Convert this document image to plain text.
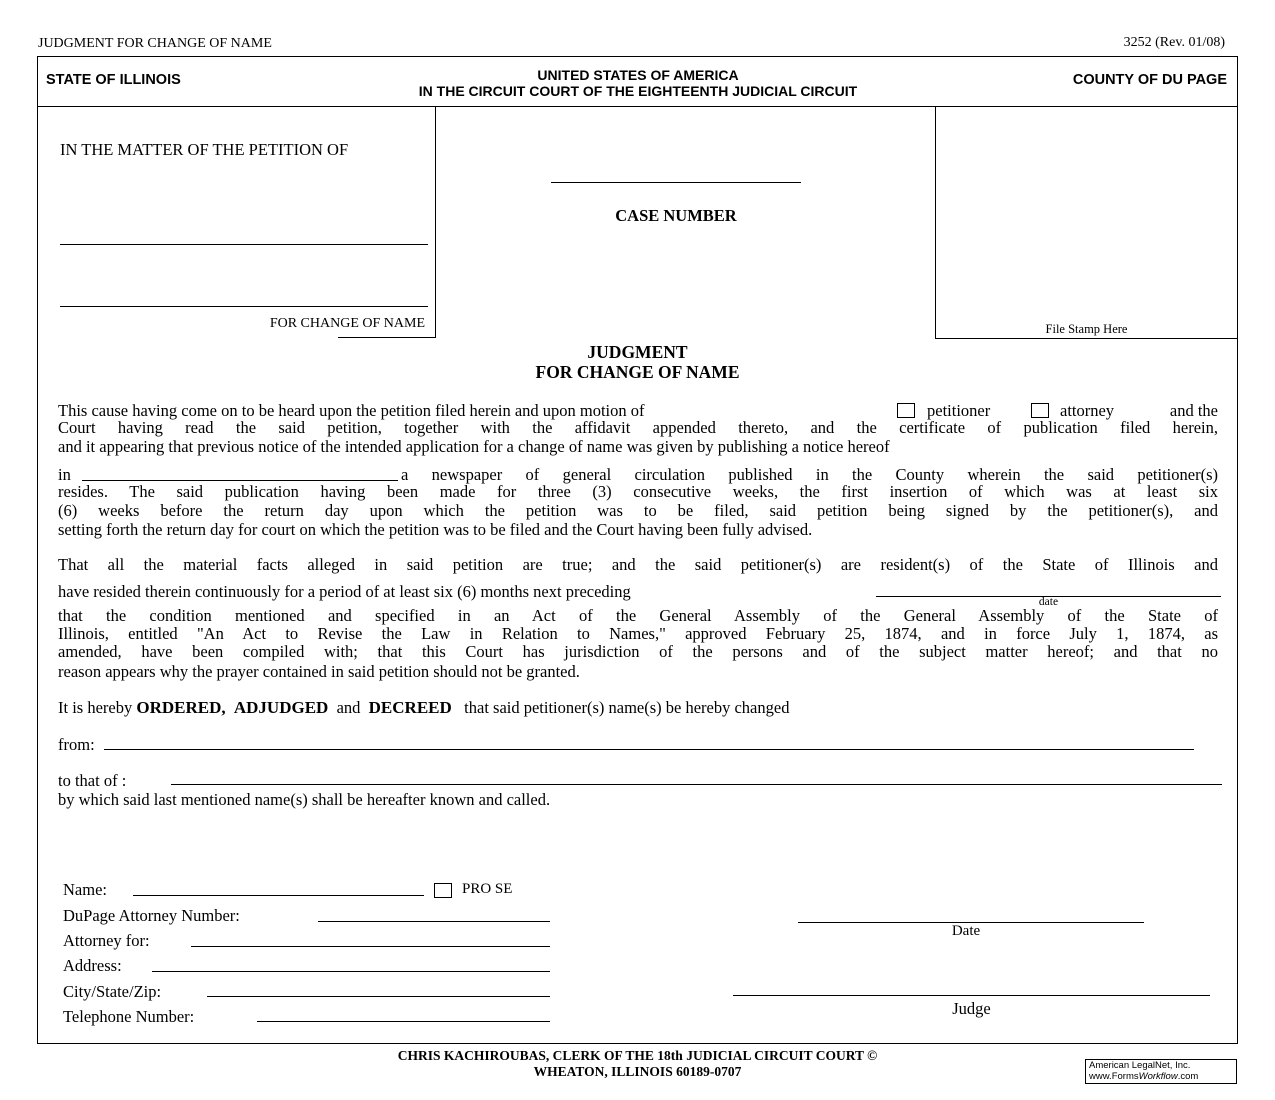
JUDGMENT FOR CHANGE OF NAME	3252 (Rev. 01/08)
STATE OF ILLINOIS	UNITED STATES OF AMERICA
IN THE CIRCUIT COURT OF THE EIGHTEENTH JUDICIAL CIRCUIT
COUNTY OF DU PAGE
IN THE MATTER OF THE PETITION OF
FOR CHANGE OF NAME
CASE NUMBER
File Stamp Here
JUDGMENT
FOR CHANGE OF NAME
This cause having come on to be heard upon the petition filed herein and upon motion of	petitioner	attorney	and the
Court having read the said petition, together with the affidavit appended thereto, and the certificate of publication filed herein,
and it appearing that previous notice of the intended application for a change of name was given by publishing a notice hereof
in	a newspaper of general circulation published in the County wherein the said petitioner(s)
resides. The said publication having been made for three (3) consecutive weeks, the first insertion of which was at least six
(6) weeks before the return day upon which the petition was to be filed, said petition being signed by the petitioner(s), and
setting forth the return day for court on which the petition was to be filed and the Court having been fully advised.
That all the material facts alleged in said petition are true; and the said petitioner(s) are resident(s) of the State of Illinois and
have resided therein continuously for a period of at least six (6) months next preceding
date
that the condition mentioned and specified in an Act of the General Assembly of the General Assembly of the State of
Illinois, entitled "An Act to Revise the Law in Relation to Names," approved February 25, 1874, and in force July 1, 1874, as
amended, have been compiled with; that this Court has jurisdiction of the persons and of the subject matter hereof; and that no
reason appears why the prayer contained in said petition should not be granted.
It is hereby ORDERED, ADJUDGED and DECREED that said petitioner(s) name(s) be hereby changed
from:
to that of :
by which said last mentioned name(s) shall be hereafter known and called.
Name:	PRO SE
DuPage Attorney Number:
Attorney for:
Address:
City/State/Zip:
Telephone Number:
Date
Judge
CHRIS KACHIROUBAS, CLERK OF THE 18th JUDICIAL CIRCUIT COURT ©
WHEATON, ILLINOIS 60189-0707	American LegalNet, Inc.
www.FormsWorkflow.com
